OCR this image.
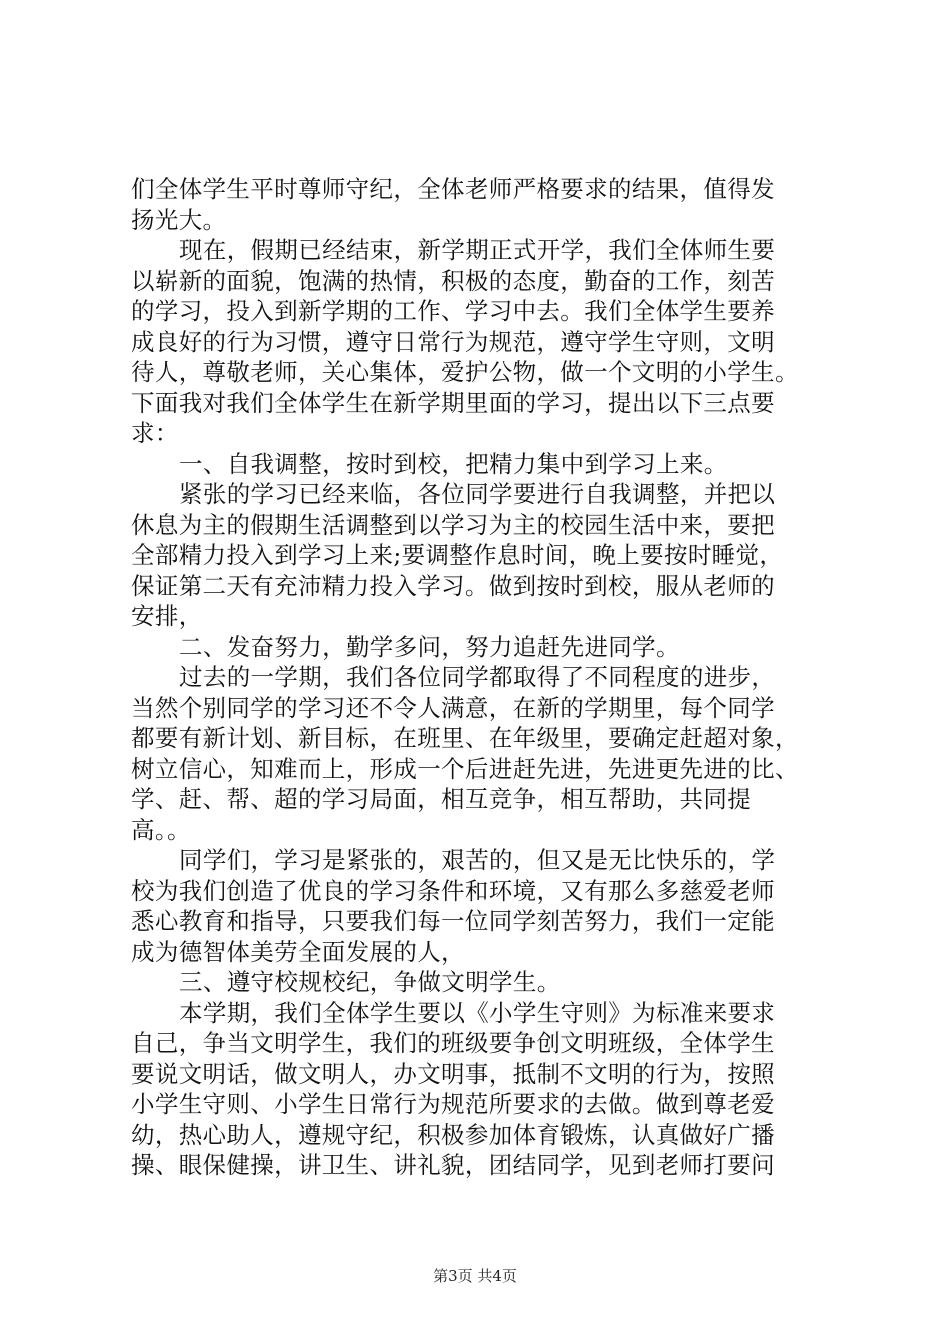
们全体学生平时尊师守纪，全体老师严格要求的结果，值得发
扬光大。
现在，假期已经结束，新学期正式开学，我们全体师生要
以崭新的面貌，饱满的热情，积极的态度，勤奋的工作，刻苦
的学习，投入到新学期的工作、学习中去。我们全体学生要养
成良好的行为习惯，遵守日常行为规范，遵守学生守则，文明
待人，尊敬老师，关心集体，爱护公物，做一个文明的小学生。
下面我对我们全体学生在新学期里面的学习，提出以下三点要
求：
一、自我调整，按时到校，把精力集中到学习上来。
紧张的学习已经来临，各位同学要进行自我调整，并把以
休息为主的假期生活调整到以学习为主的校园生活中来，要把
全部精力投入到学习上来;要调整作息时间，晚上要按时睡觉，
保证第二天有充沛精力投入学习。做到按时到校，服从老师的
安排，
二、发奋努力，勤学多问，努力追赶先进同学。
过去的一学期，我们各位同学都取得了不同程度的进步，
当然个别同学的学习还不令人满意，在新的学期里，每个同学
都要有新计划、新目标，在班里、在年级里，要确定赶超对象，
树立信心，知难而上，形成一个后进赶先进，先进更先进的比、
学、赶、帮、超的学习局面，相互竞争，相互帮助，共同提
高。。
同学们，学习是紧张的，艰苦的，但又是无比快乐的，学
校为我们创造了优良的学习条件和环境，又有那么多慈爱老师
悉心教育和指导，只要我们每一位同学刻苦努力，我们一定能
成为德智体美劳全面发展的人，
三、遵守校规校纪，争做文明学生。
本学期，我们全体学生要以《小学生守则》为标准来要求
自己，争当文明学生，我们的班级要争创文明班级，全体学生
要说文明话，做文明人，办文明事，抵制不文明的行为，按照
小学生守则、小学生日常行为规范所要求的去做。做到尊老爱
幼，热心助人，遵规守纪，积极参加体育锻炼，认真做好广播
操、眼保健操，讲卫生、讲礼貌，团结同学，见到老师打要问
第3页 共4页
